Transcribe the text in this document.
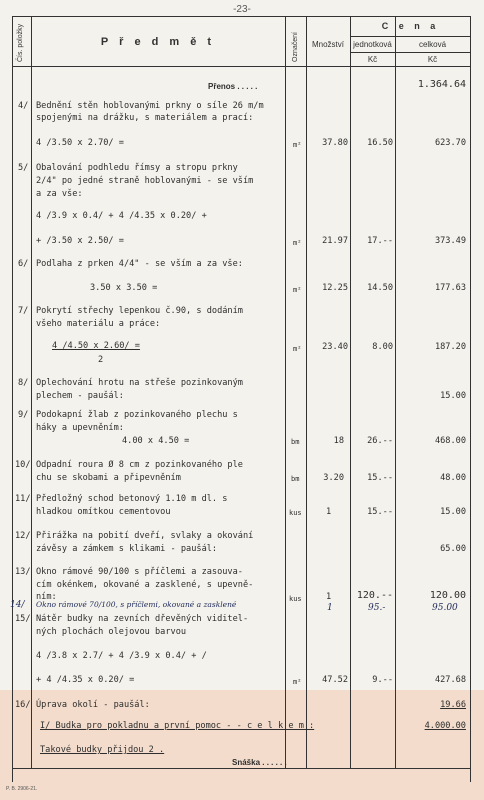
-23-
Čís. položky	P ř e d m ě t	Označení	Množství
C e n a
jednotková	celková
Kč	Kč
Přenos . . . . .	1.364.64
4/ Bednění stěn hoblovanými prkny o síle 26 m/m
spojenými na drážku, s materiálem a prací:
4 /3.50 x 2.70/ =	m²	37.80	16.50	623.70
5/ Obalování podhledu římsy a stropu prkny
2/4" po jedné straně hoblovanými - se vším
a za vše:
4 /3.9 x 0.4/ + 4 /4.35 x 0.20/ +
+ /3.50 x 2.50/ =	m²	21.97	17.--	373.49
6/ Podlaha z prken 4/4" - se vším a za vše:
3.50 x 3.50 =	m²	12.25	14.50	177.63
7/ Pokrytí střechy lepenkou č.90, s dodáním
všeho materiálu a práce:
4 /4.50 x 2.60/ =
2
m²	23.40	8.00	187.20
8/ Oplechování hrotu na střeše pozinkovaným
plechem - paušál:	15.00
9/ Podokapní žlab z pozinkovaného plechu s
háky a upevněním:
4.00 x 4.50 =	bm	18	26.--	468.00
10/ Odpadní roura Ø 8 cm z pozinkovaného ple
chu se skobami a připevněním	bm	3.20	15.--	48.00
11/ Předložný schod betonový 1.10 m dl. s
hladkou omítkou cementovou	kus	1	15.--	15.00
12/ Přirážka na pobití dveří, svlaky a okování
závěsy a zámkem s klikami - paušál:	65.00
13/ Okno rámové 90/100 s příčlemi a zasouva-
cím okénkem, okované a zasklené, s upevně-
ním:	kus	1	120.--	120.00
14/ Okno rámové 70/100, s příčlemi, okované a zasklené	1	95.-	95.00
15/ Nátěr budky na zevních dřevěných viditel-
ných plochách olejovou barvou
4 /3.8 x 2.7/ + 4 /3.9 x 0.4/ + /
+ 4 /4.35 x 0.20/ =	m²	47.52	9.--	427.68
16/ Úprava okolí - paušál:	19.66
I/ Budka pro pokladnu a první pomoc - - c e l k e m :	4.000.00
Takové budky přijdou 2 .
Snáška . . . . . .
P. B. 2906-21.
